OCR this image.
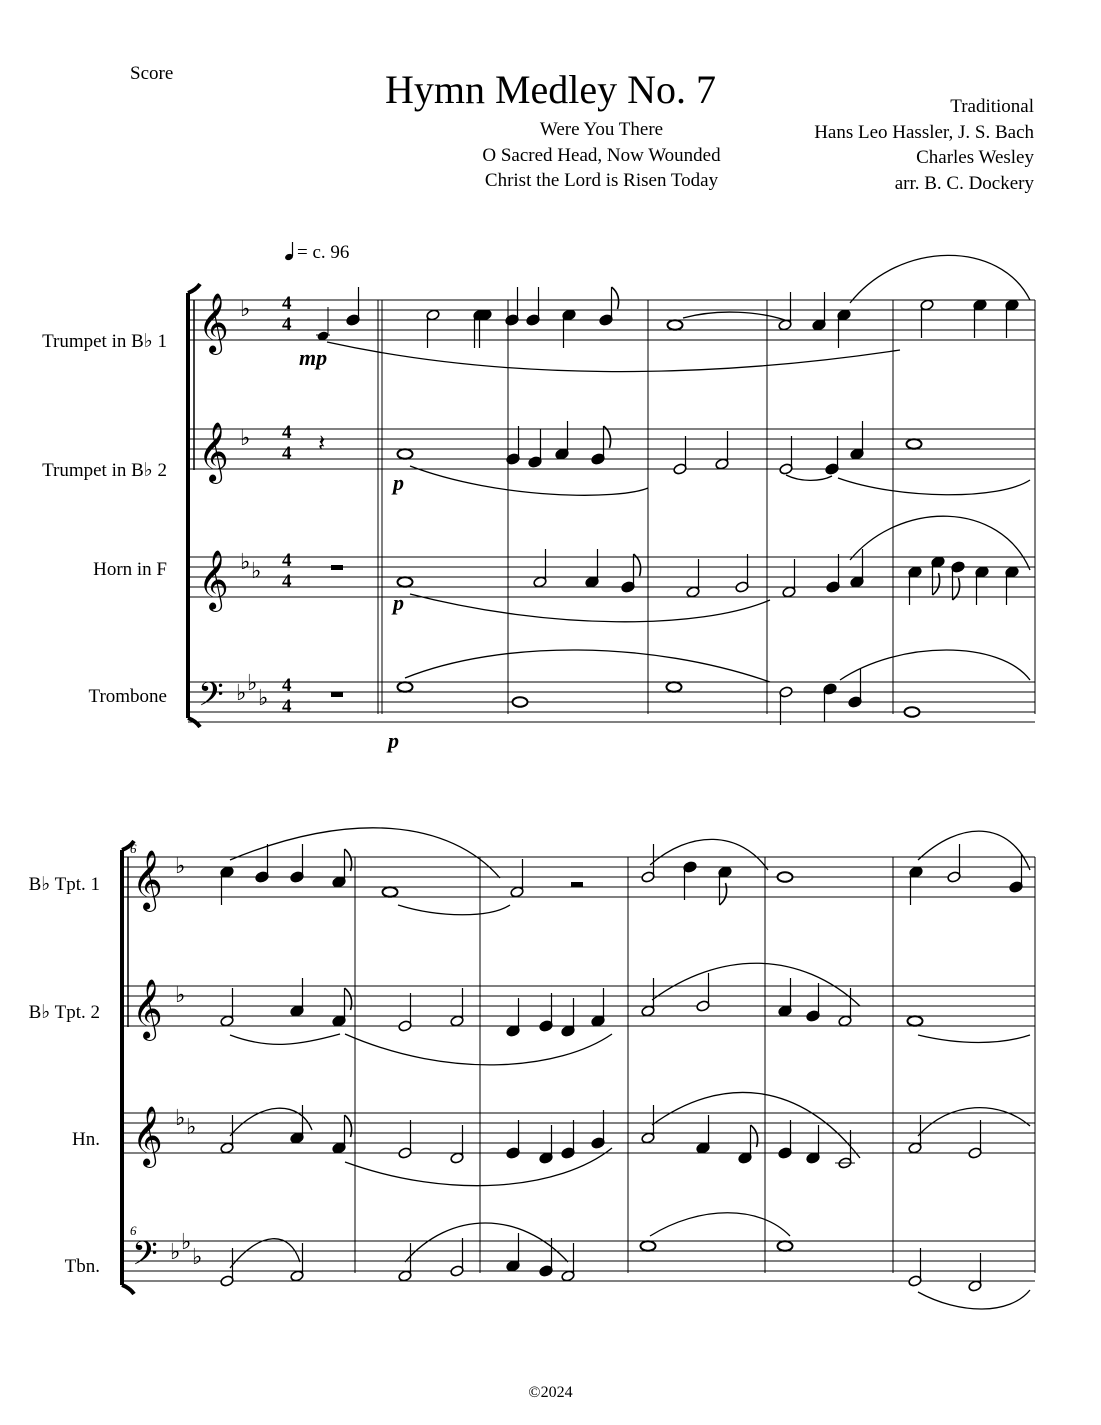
Score	Hymn Medley No. 7
Were You There
O Sacred Head, Now Wounded
Christ the Lord is Risen Today
Traditional
Hans Leo Hassler, J. S. Bach
Charles Wesley
arr. B. C. Dockery
= c. 96
Trumpet in B♭ 1
Trumpet in B♭ 2
Horn in F
Trombone
𝄞
𝄞
𝄞
𝄢
♭
♭
♭ ♭
♭ ♭
♭
4
4
4
4
4
4
4
4
mp
p
𝄽
p
p
6
6
B♭ Tpt. 1
B♭ Tpt. 2
Hn.
Tbn.
𝄞
𝄞
𝄞
𝄢
♭
♭
♭ ♭
♭ ♭
♭
©2024
